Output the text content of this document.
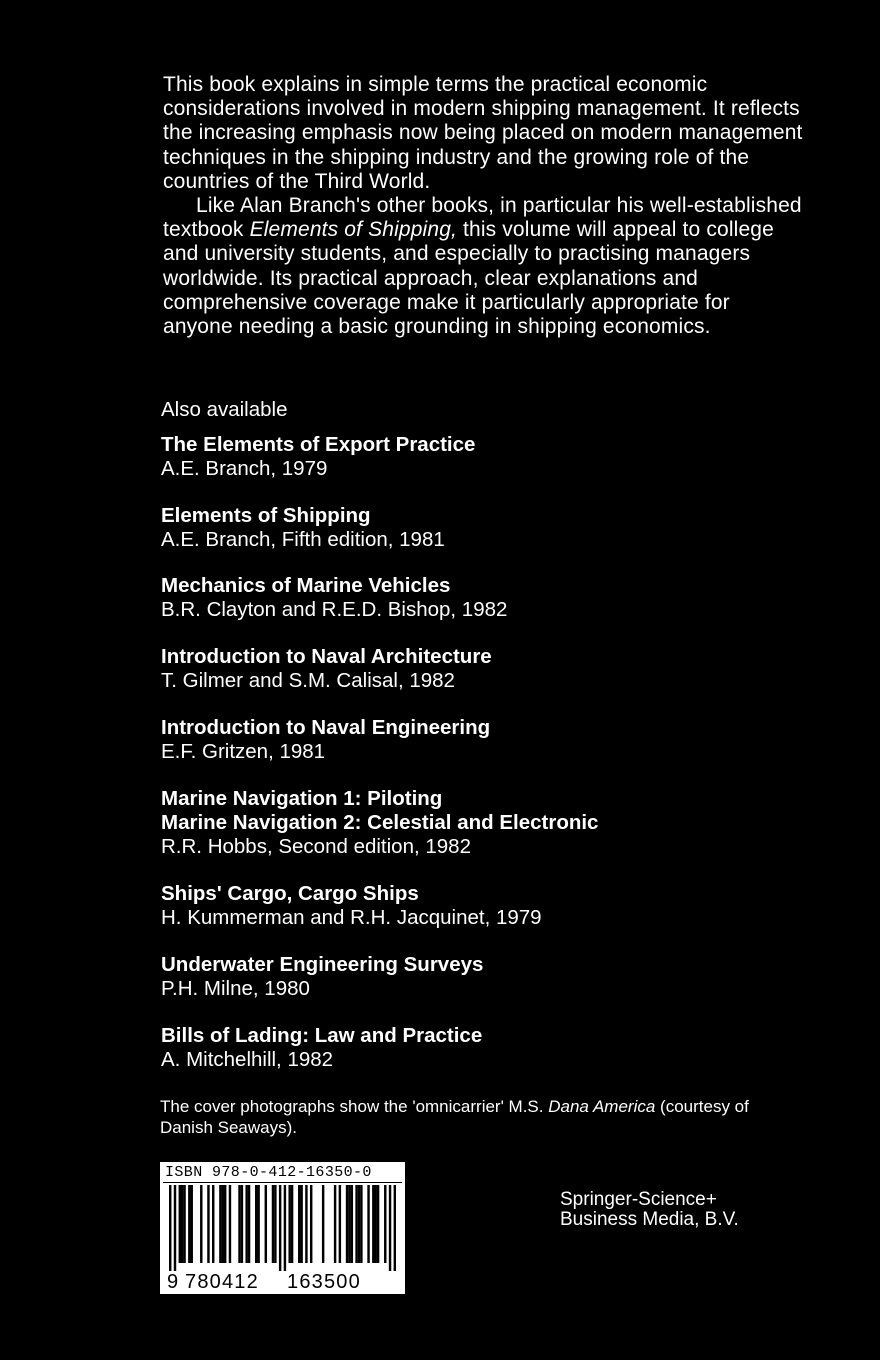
This book explains in simple terms the practical economic considerations involved in modern shipping management. It reflects the increasing emphasis now being placed on modern management techniques in the shipping industry and the growing role of the countries of the Third World.

Like Alan Branch's other books, in particular his well-established textbook Elements of Shipping, this volume will appeal to college and university students, and especially to practising managers worldwide. Its practical approach, clear explanations and comprehensive coverage make it particularly appropriate for anyone needing a basic grounding in shipping economics.

Also available
The Elements of Export Practice
A.E. Branch, 1979
Elements of Shipping
A.E. Branch, Fifth edition, 1981
Mechanics of Marine Vehicles
B.R. Clayton and R.E.D. Bishop, 1982
Introduction to Naval Architecture
T. Gilmer and S.M. Calisal, 1982
Introduction to Naval Engineering
E.F. Gritzen, 1981
Marine Navigation 1: Piloting
Marine Navigation 2: Celestial and Electronic
R.R. Hobbs, Second edition, 1982
Ships' Cargo, Cargo Ships
H. Kummerman and R.H. Jacquinet, 1979
Underwater Engineering Surveys
P.H. Milne, 1980
Bills of Lading: Law and Practice
A. Mitchelhill, 1982
The cover photographs show the 'omnicarrier' M.S. Dana America (courtesy of Danish Seaways).
ISBN 978-0-412-16350-0
9 780412 163500
Springer-Science+
Business Media, B.V.
